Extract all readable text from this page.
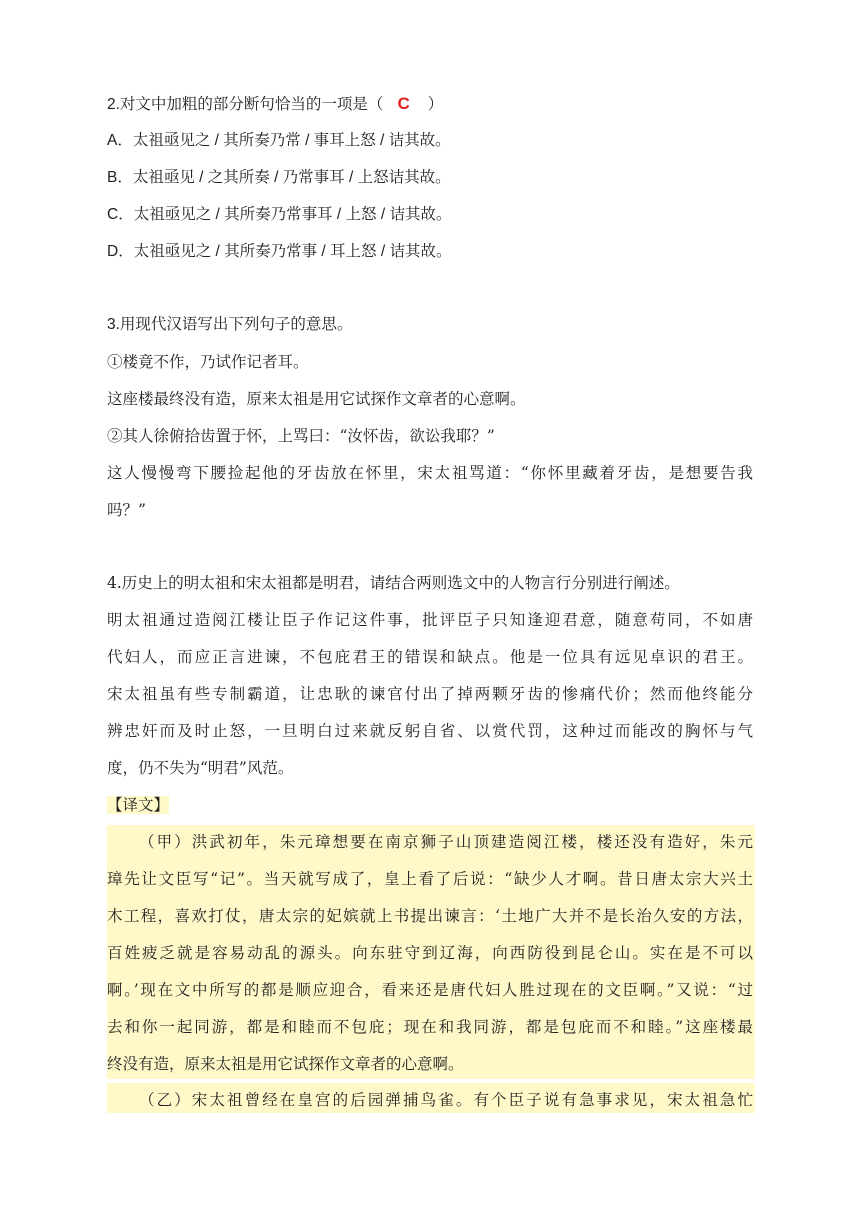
2.对文中加粗的部分断句恰当的一项是（ C ）
A．太祖亟见之 / 其所奏乃常 / 事耳上怒 / 诘其故。
B．太祖亟见 / 之其所奏 / 乃常事耳 / 上怒诘其故。
C．太祖亟见之 / 其所奏乃常事耳 / 上怒 / 诘其故。
D．太祖亟见之 / 其所奏乃常事 / 耳上怒 / 诘其故。
3.用现代汉语写出下列句子的意思。
①楼竟不作，乃试作记者耳。
这座楼最终没有造，原来太祖是用它试探作文章者的心意啊。
②其人徐俯拾齿置于怀，上骂曰：“汝怀齿，欲讼我耶？”
这人慢慢弯下腰捡起他的牙齿放在怀里，宋太祖骂道：“你怀里藏着牙齿，是想要告我
吗？”
4.历史上的明太祖和宋太祖都是明君，请结合两则选文中的人物言行分别进行阐述。
明太祖通过造阅江楼让臣子作记这件事，批评臣子只知逢迎君意，随意苟同，不如唐
代妇人，而应正言进谏，不包庇君王的错误和缺点。他是一位具有远见卓识的君王。
宋太祖虽有些专制霸道，让忠耿的谏官付出了掉两颗牙齿的惨痛代价；然而他终能分
辨忠奸而及时止怒，一旦明白过来就反躬自省、以赏代罚，这种过而能改的胸怀与气
度，仍不失为“明君”风范。
【译文】
（甲）洪武初年，朱元璋想要在南京狮子山顶建造阅江楼，楼还没有造好，朱元
璋先让文臣写“记”。当天就写成了，皇上看了后说：“缺少人才啊。昔日唐太宗大兴土
木工程，喜欢打仗，唐太宗的妃嫔就上书提出谏言：‘土地广大并不是长治久安的方法，
百姓疲乏就是容易动乱的源头。向东驻守到辽海，向西防役到昆仑山。实在是不可以
啊。’现在文中所写的都是顺应迎合，看来还是唐代妇人胜过现在的文臣啊。”又说：“过
去和你一起同游，都是和睦而不包庇；现在和我同游，都是包庇而不和睦。”这座楼最
终没有造，原来太祖是用它试探作文章者的心意啊。
（乙）宋太祖曾经在皇宫的后园弹捕鸟雀。有个臣子说有急事求见，宋太祖急忙
